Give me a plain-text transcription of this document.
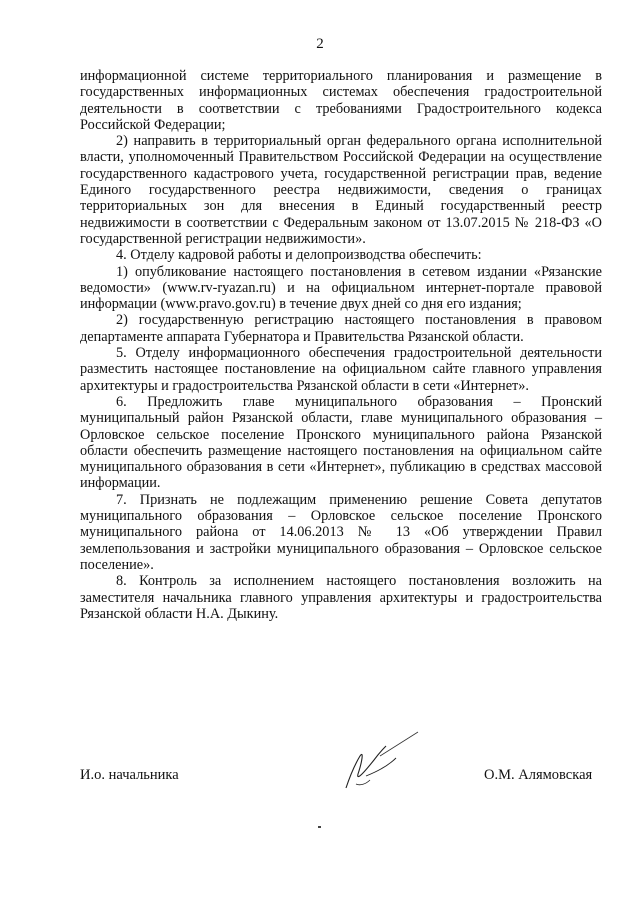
2

информационной системе территориального планирования и размещение в государственных информационных системах обеспечения градостроительной деятельности в соответствии с требованиями Градостроительного кодекса Российской Федерации;

2) направить в территориальный орган федерального органа исполнительной власти, уполномоченный Правительством Российской Федерации на осуществление государственного кадастрового учета, государственной регистрации прав, ведение Единого государственного реестра недвижимости, сведения о границах территориальных зон для внесения в Единый государственный реестр недвижимости в соответствии с Федеральным законом от 13.07.2015 № 218-ФЗ «О государственной регистрации недвижимости».

4. Отделу кадровой работы и делопроизводства обеспечить:

1) опубликование настоящего постановления в сетевом издании «Рязанские ведомости» (www.rv-ryazan.ru) и на официальном интернет-портале правовой информации (www.pravo.gov.ru) в течение двух дней со дня его издания;

2) государственную регистрацию настоящего постановления в правовом департаменте аппарата Губернатора и Правительства Рязанской области.

5. Отделу информационного обеспечения градостроительной деятельности разместить настоящее постановление на официальном сайте главного управления архитектуры и градостроительства Рязанской области в сети «Интернет».

6. Предложить главе муниципального образования – Пронский муниципальный район Рязанской области, главе муниципального образования – Орловское сельское поселение Пронского муниципального района Рязанской области обеспечить размещение настоящего постановления на официальном сайте муниципального образования в сети «Интернет», публикацию в средствах массовой информации.

7. Признать не подлежащим применению решение Совета депутатов муниципального образования – Орловское сельское поселение Пронского муниципального района от 14.06.2013 № 13 «Об утверждении Правил землепользования и застройки муниципального образования – Орловское сельское поселение».

8. Контроль за исполнением настоящего постановления возложить на заместителя начальника главного управления архитектуры и градостроительства Рязанской области Н.А. Дыкину.

И.о. начальника	О.М. Алямовская
